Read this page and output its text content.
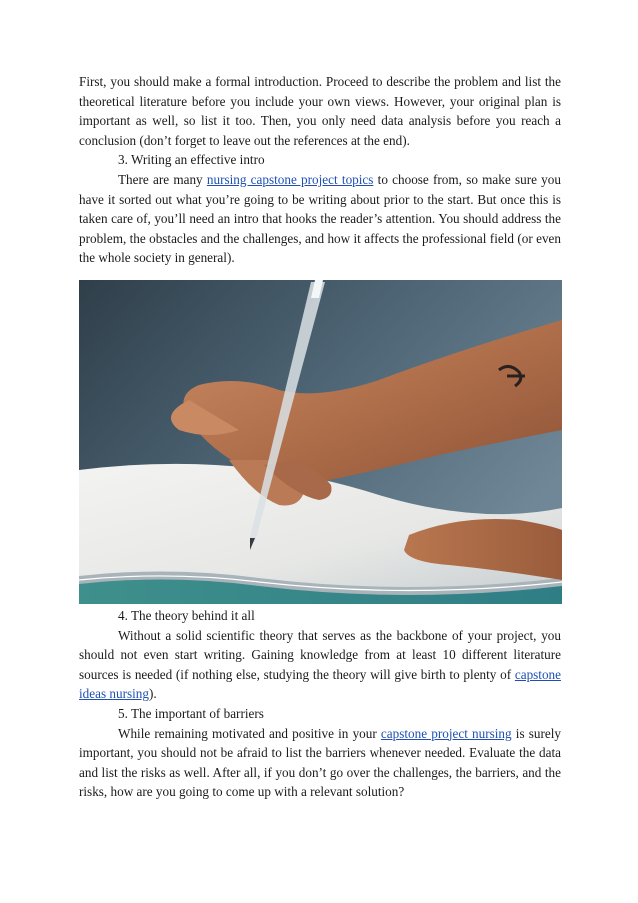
First, you should make a formal introduction. Proceed to describe the problem and list the theoretical literature before you include your own views. However, your original plan is important as well, so list it too. Then, you only need data analysis before you reach a conclusion (don’t forget to leave out the references at the end).

3. Writing an effective intro

There are many nursing capstone project topics to choose from, so make sure you have it sorted out what you’re going to be writing about prior to the start. But once this is taken care of, you’ll need an intro that hooks the reader’s attention. You should address the problem, the obstacles and the challenges, and how it affects the professional field (or even the whole society in general).

4. The theory behind it all

Without a solid scientific theory that serves as the backbone of your project, you should not even start writing. Gaining knowledge from at least 10 different literature sources is needed (if nothing else, studying the theory will give birth to plenty of capstone ideas nursing).

5. The important of barriers

While remaining motivated and positive in your capstone project nursing is surely important, you should not be afraid to list the barriers whenever needed. Evaluate the data and list the risks as well. After all, if you don’t go over the challenges, the barriers, and the risks, how are you going to come up with a relevant solution?
